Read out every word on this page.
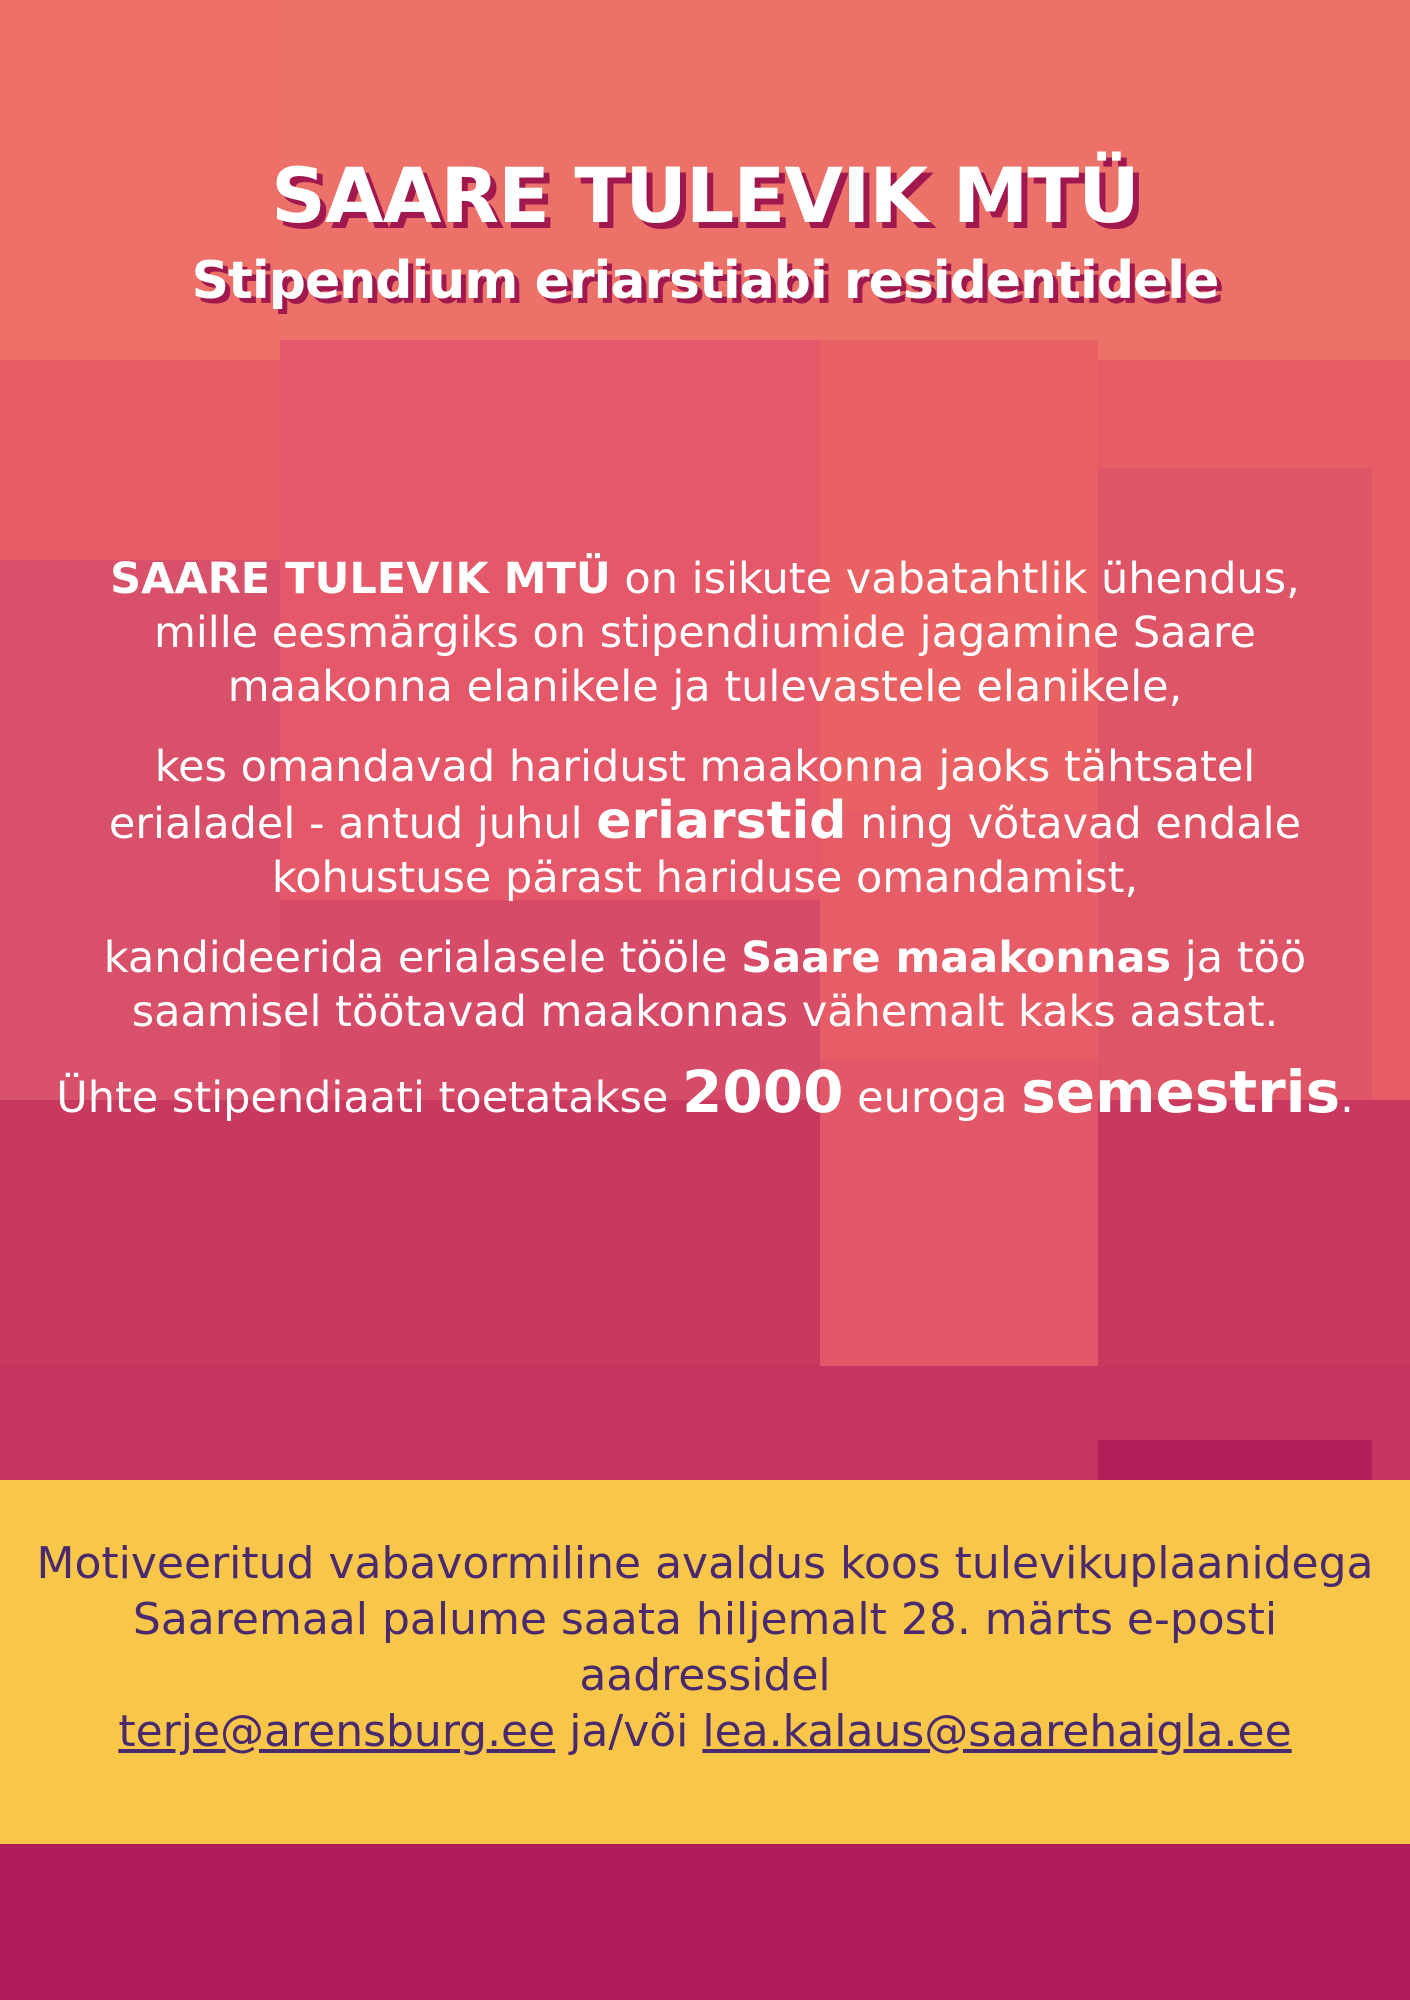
SAARE TULEVIK MTÜ
Stipendium eriarstiabi residentidele

SAARE TULEVIK MTÜ on isikute vabatahtlik ühendus, mille eesmärgiks on stipendiumide jagamine Saare maakonna elanikele ja tulevastele elanikele,

kes omandavad haridust maakonna jaoks tähtsatel erialadel - antud juhul eriarstid ning võtavad endale kohustuse pärast hariduse omandamist,

kandideerida erialasele tööle Saare maakonnas ja töö saamisel töötavad maakonnas vähemalt kaks aastat.

Ühte stipendiaati toetatakse 2000 euroga semestris.

Motiveeritud vabavormiline avaldus koos tulevikuplaanidega Saaremaal palume saata hiljemalt 28. märts e-posti aadressidel
terje@arensburg.ee ja/või lea.kalaus@saarehaigla.ee
